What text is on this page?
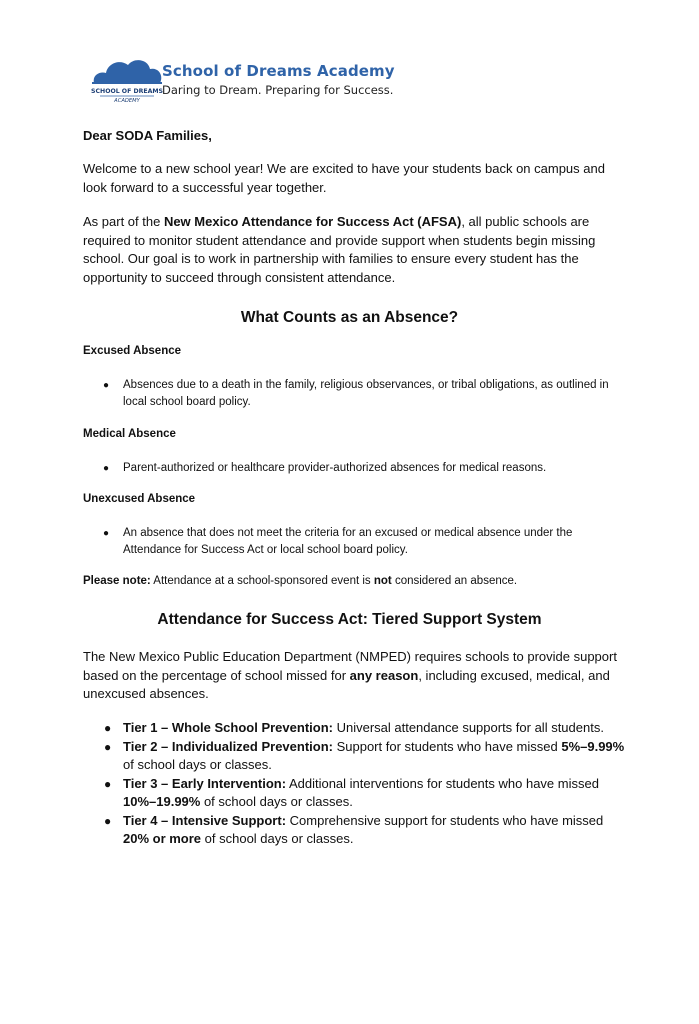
SCHOOL OF DREAMS
ACADEMY

School of Dreams Academy

Daring to Dream. Preparing for Success.

Dear SODA Families,

Welcome to a new school year! We are excited to have your students back on campus and look forward to a successful year together.

As part of the New Mexico Attendance for Success Act (AFSA), all public schools are required to monitor student attendance and provide support when students begin missing school. Our goal is to work in partnership with families to ensure every student has the opportunity to succeed through consistent attendance.

What Counts as an Absence?
Excused Absence
● Absences due to a death in the family, religious observances, or tribal obligations, as outlined in local school board policy.
Medical Absence
● Parent-authorized or healthcare provider-authorized absences for medical reasons.
Unexcused Absence
● An absence that does not meet the criteria for an excused or medical absence under the Attendance for Success Act or local school board policy.

Please note: Attendance at a school-sponsored event is not considered an absence.

Attendance for Success Act: Tiered Support System

The New Mexico Public Education Department (NMPED) requires schools to provide support based on the percentage of school missed for any reason, including excused, medical, and unexcused absences.

● Tier 1 – Whole School Prevention: Universal attendance supports for all students.
● Tier 2 – Individualized Prevention: Support for students who have missed 5%–9.99% of school days or classes.
● Tier 3 – Early Intervention: Additional interventions for students who have missed 10%–19.99% of school days or classes.
● Tier 4 – Intensive Support: Comprehensive support for students who have missed 20% or more of school days or classes.
